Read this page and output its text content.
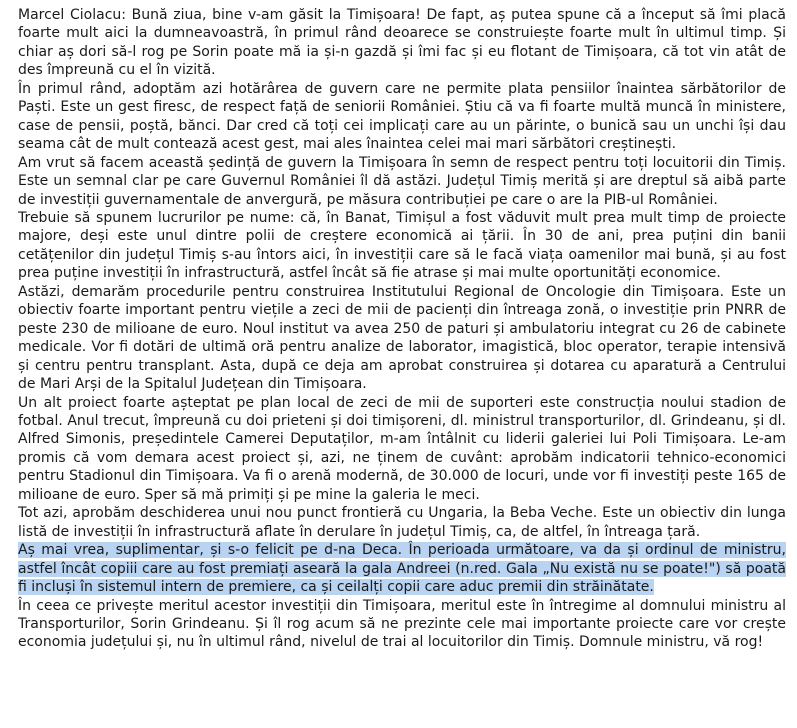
Marcel Ciolacu: Bună ziua, bine v-am găsit la Timișoara! De fapt, aș putea spune că a început să îmi placă foarte mult aici la dumneavoastră, în primul rând deoarece se construiește foarte mult în ultimul timp. Și chiar aș dori să-l rog pe Sorin poate mă ia și-n gazdă și îmi fac și eu flotant de Timișoara, că tot vin atât de des împreună cu el în vizită.

În primul rând, adoptăm azi hotărârea de guvern care ne permite plata pensiilor înaintea sărbătorilor de Paști. Este un gest firesc, de respect față de seniorii României. Știu că va fi foarte multă muncă în ministere, case de pensii, poștă, bănci. Dar cred că toți cei implicați care au un părinte, o bunică sau un unchi își dau seama cât de mult contează acest gest, mai ales înaintea celei mai mari sărbători creștinești.

Am vrut să facem această ședință de guvern la Timișoara în semn de respect pentru toți locuitorii din Timiș. Este un semnal clar pe care Guvernul României îl dă astăzi. Județul Timiș merită și are dreptul să aibă parte de investiții guvernamentale de anvergură, pe măsura contribuției pe care o are la PIB-ul României.

Trebuie să spunem lucrurilor pe nume: că, în Banat, Timișul a fost văduvit mult prea mult timp de proiecte majore, deși este unul dintre polii de creștere economică ai țării. În 30 de ani, prea puțini din banii cetățenilor din județul Timiș s-au întors aici, în investiții care să le facă viața oamenilor mai bună, și au fost prea puține investiții în infrastructură, astfel încât să fie atrase și mai multe oportunități economice.

Astăzi, demarăm procedurile pentru construirea Institutului Regional de Oncologie din Timișoara. Este un obiectiv foarte important pentru viețile a zeci de mii de pacienți din întreaga zonă, o investiție prin PNRR de peste 230 de milioane de euro. Noul institut va avea 250 de paturi și ambulatoriu integrat cu 26 de cabinete medicale. Vor fi dotări de ultimă oră pentru analize de laborator, imagistică, bloc operator, terapie intensivă și centru pentru transplant. Asta, după ce deja am aprobat construirea și dotarea cu aparatură a Centrului de Mari Arși de la Spitalul Județean din Timișoara.

Un alt proiect foarte așteptat pe plan local de zeci de mii de suporteri este construcția noului stadion de fotbal. Anul trecut, împreună cu doi prieteni și doi timișoreni, dl. ministrul transporturilor, dl. Grindeanu, și dl. Alfred Simonis, președintele Camerei Deputaților, m-am întâlnit cu liderii galeriei lui Poli Timișoara. Le-am promis că vom demara acest proiect și, azi, ne ținem de cuvânt: aprobăm indicatorii tehnico-economici pentru Stadionul din Timișoara. Va fi o arenă modernă, de 30.000 de locuri, unde vor fi investiți peste 165 de milioane de euro. Sper să mă primiți și pe mine la galeria le meci.

Tot azi, aprobăm deschiderea unui nou punct frontieră cu Ungaria, la Beba Veche. Este un obiectiv din lunga listă de investiții în infrastructură aflate în derulare în județul Timiș, ca, de altfel, în întreaga țară.

Aș mai vrea, suplimentar, și s-o felicit pe d-na Deca. În perioada următoare, va da și ordinul de ministru, astfel încât copiii care au fost premiați aseară la gala Andreei (n.red. Gala „Nu există nu se poate!") să poată fi incluși în sistemul intern de premiere, ca și ceilalți copii care aduc premii din străinătate.

În ceea ce privește meritul acestor investiții din Timișoara, meritul este în întregime al domnului ministru al Transporturilor, Sorin Grindeanu. Și îl rog acum să ne prezinte cele mai importante proiecte care vor crește economia județului și, nu în ultimul rând, nivelul de trai al locuitorilor din Timiș. Domnule ministru, vă rog!
